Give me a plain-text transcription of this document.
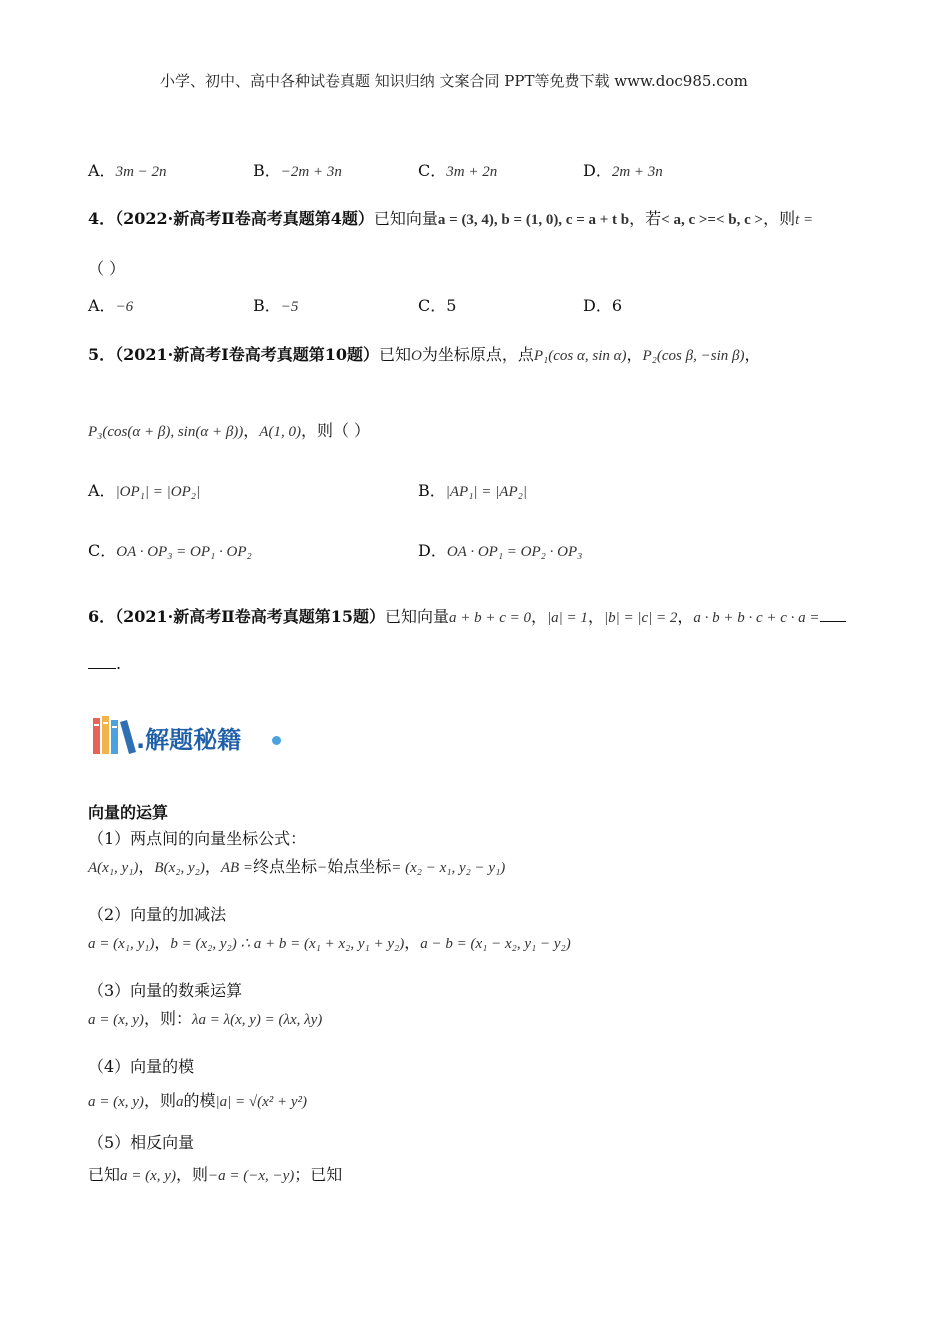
小学、初中、高中各种试卷真题 知识归纳 文案合同 PPT等免费下载 www.doc985.com
A．3m − 2n	B．−2m + 3n	C．3m + 2n	D．2m + 3n
4．（2022·新高考Ⅱ卷高考真题第4题）已知向量a = (3, 4), b = (1, 0), c = a + t b，若< a, c >=< b, c >，则t =
（ ）
A．−6	B．−5	C．5	D．6
5．（2021·新高考Ⅰ卷高考真题第10题）已知O为坐标原点，点P₁(cos α, sin α)，P₂(cos β, −sin β)，
P₃(cos(α + β), sin(α + β))，A(1, 0)，则（ ）
A．|OP₁| = |OP₂|	B．|AP₁| = |AP₂|
C．OA · OP₃ = OP₁ · OP₂	D．OA · OP₁ = OP₂ · OP₃
6．（2021·新高考Ⅱ卷高考真题第15题）已知向量a + b + c = 0，|a| = 1，|b| = |c| = 2，a · b + b · c + c · a =
.
.解题秘籍
向量的运算
（1）两点间的向量坐标公式：
A(x₁, y₁)，B(x₂, y₂)，AB =终点坐标−始点坐标= (x₂ − x₁, y₂ − y₁)
（2）向量的加减法
a = (x₁, y₁)，b = (x₂, y₂) ∴ a + b = (x₁ + x₂, y₁ + y₂)，a − b = (x₁ − x₂, y₁ − y₂)
（3）向量的数乘运算
a = (x, y)，则：λa = λ(x, y) = (λx, λy)
（4）向量的模
a = (x, y)，则a的模|a| = √(x² + y²)
（5）相反向量
已知a = (x, y)，则−a = (−x, −y)；已知
